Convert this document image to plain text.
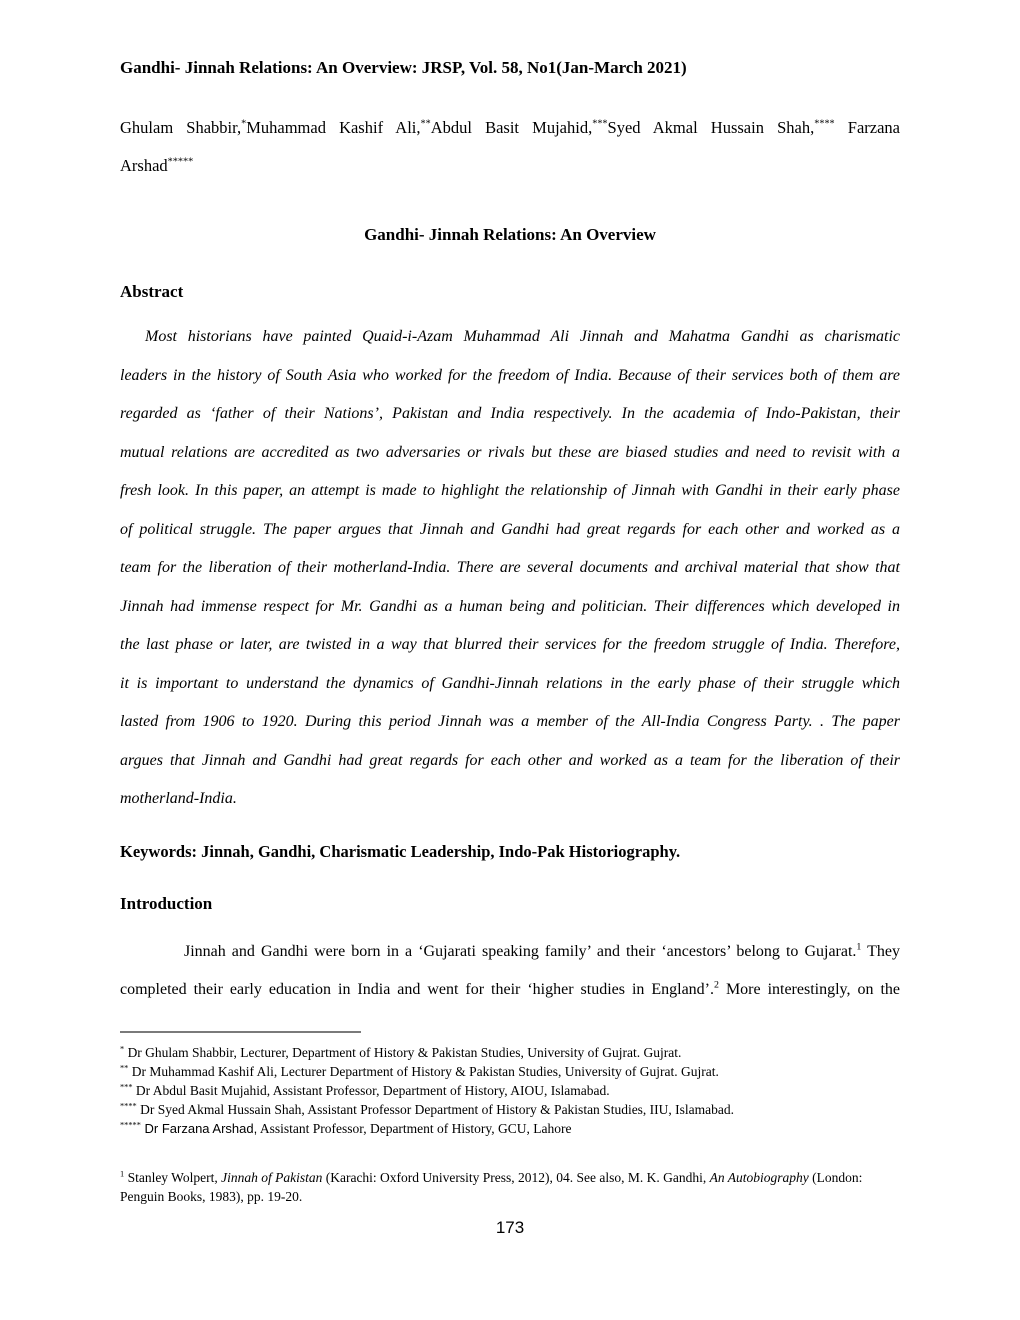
Gandhi- Jinnah Relations: An Overview: JRSP, Vol. 58, No1(Jan-March 2021)
Ghulam Shabbir,*Muhammad Kashif Ali,**Abdul Basit Mujahid,***Syed Akmal Hussain Shah,**** Farzana
Arshad*****
Gandhi- Jinnah Relations: An Overview
Abstract
Most historians have painted Quaid-i-Azam Muhammad Ali Jinnah and Mahatma Gandhi as charismatic
leaders in the history of South Asia who worked for the freedom of India. Because of their services both of them are
regarded as ‘father of their Nations’, Pakistan and India respectively. In the academia of Indo-Pakistan, their
mutual relations are accredited as two adversaries or rivals but these are biased studies and need to revisit with a
fresh look. In this paper, an attempt is made to highlight the relationship of Jinnah with Gandhi in their early phase
of political struggle. The paper argues that Jinnah and Gandhi had great regards for each other and worked as a
team for the liberation of their motherland-India. There are several documents and archival material that show that
Jinnah had immense respect for Mr. Gandhi as a human being and politician. Their differences which developed in
the last phase or later, are twisted in a way that blurred their services for the freedom struggle of India. Therefore,
it is important to understand the dynamics of Gandhi-Jinnah relations in the early phase of their struggle which
lasted from 1906 to 1920. During this period Jinnah was a member of the All-India Congress Party. . The paper
argues that Jinnah and Gandhi had great regards for each other and worked as a team for the liberation of their
motherland-India.
Keywords: Jinnah, Gandhi, Charismatic Leadership, Indo-Pak Historiography.
Introduction
Jinnah and Gandhi were born in a ‘Gujarati speaking family’ and their ‘ancestors’ belong to Gujarat.$^1$ They
completed their early education in India and went for their ‘higher studies in England’.$^2$ More interestingly, on the
* Dr Ghulam Shabbir, Lecturer, Department of History & Pakistan Studies, University of Gujrat. Gujrat.
** Dr Muhammad Kashif Ali, Lecturer Department of History & Pakistan Studies, University of Gujrat. Gujrat.
*** Dr Abdul Basit Mujahid, Assistant Professor, Department of History, AIOU, Islamabad.
**** Dr Syed Akmal Hussain Shah, Assistant Professor Department of History & Pakistan Studies, IIU, Islamabad.
***** Dr Farzana Arshad, Assistant Professor, Department of History, GCU, Lahore
$^1$ Stanley Wolpert, Jinnah of Pakistan (Karachi: Oxford University Press, 2012), 04. See also, M. K. Gandhi, An Autobiography (London: Penguin Books, 1983), pp. 19-20.
173
